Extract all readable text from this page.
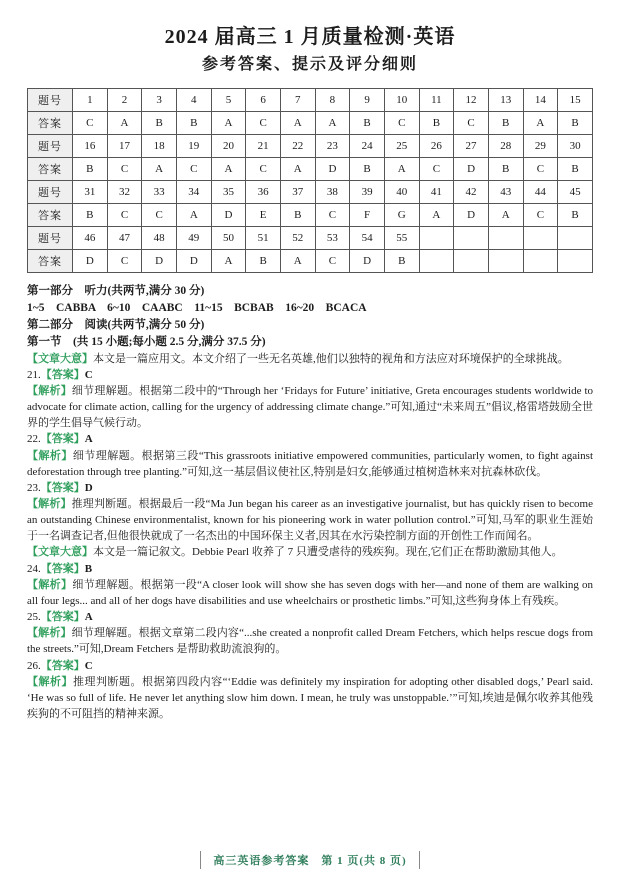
2024 届高三 1 月质量检测·英语
参考答案、提示及评分细则
题号	1	2	3	4	5	6	7	8	9	10	11	12	13	14	15
答案	C	A	B	B	A	C	A	A	B	C	B	C	B	A	B
题号	16	17	18	19	20	21	22	23	24	25	26	27	28	29	30
答案	B	C	A	C	A	C	A	D	B	A	C	D	B	C	B
题号	31	32	33	34	35	36	37	38	39	40	41	42	43	44	45
答案	B	C	C	A	D	E	B	C	F	G	A	D	A	C	B
题号	46	47	48	49	50	51	52	53	54	55					
答案	D	C	D	D	A	B	A	C	D	B					

第一部分　听力(共两节,满分 30 分)

1~5　CABBA　6~10　CAABC　11~15　BCBAB　16~20　BCACA

第二部分　阅读(共两节,满分 50 分)

第一节　(共 15 小题;每小题 2.5 分,满分 37.5 分)

【文章大意】本文是一篇应用文。本文介绍了一些无名英雄,他们以独特的视角和方法应对环境保护的全球挑战。

21.【答案】C

【解析】细节理解题。根据第二段中的“Through her ‘Fridays for Future’ initiative, Greta encourages students worldwide to advocate for climate action, calling for the urgency of addressing climate change.”可知,通过“未来周五”倡议,格雷塔鼓励全世界的学生倡导气候行动。

22.【答案】A

【解析】细节理解题。根据第三段“This grassroots initiative empowered communities, particularly women, to fight against deforestation through tree planting.”可知,这一基层倡议使社区,特别是妇女,能够通过植树造林来对抗森林砍伐。

23.【答案】D

【解析】推理判断题。根据最后一段“Ma Jun began his career as an investigative journalist, but has quickly risen to become an outstanding Chinese environmentalist, known for his pioneering work in water pollution control.”可知,马军的职业生涯始于一名调查记者,但他很快就成了一名杰出的中国环保主义者,因其在水污染控制方面的开创性工作而闻名。

【文章大意】本文是一篇记叙文。Debbie Pearl 收养了 7 只遭受虐待的残疾狗。现在,它们正在帮助激励其他人。

24.【答案】B

【解析】细节理解题。根据第一段“A closer look will show she has seven dogs with her—and none of them are walking on all four legs... and all of her dogs have disabilities and use wheelchairs or prosthetic limbs.”可知,这些狗身体上有残疾。

25.【答案】A

【解析】细节理解题。根据文章第二段内容“...she created a nonprofit called Dream Fetchers, which helps rescue dogs from the streets.”可知,Dream Fetchers 是帮助救助流浪狗的。

26.【答案】C

【解析】推理判断题。根据第四段内容“‘Eddie was definitely my inspiration for adopting other disabled dogs,’ Pearl said. ‘He was so full of life. He never let anything slow him down. I mean, he truly was unstoppable.’”可知,埃迪是佩尔收养其他残疾狗的不可阻挡的精神来源。

高三英语参考答案　第 1 页(共 8 页)
